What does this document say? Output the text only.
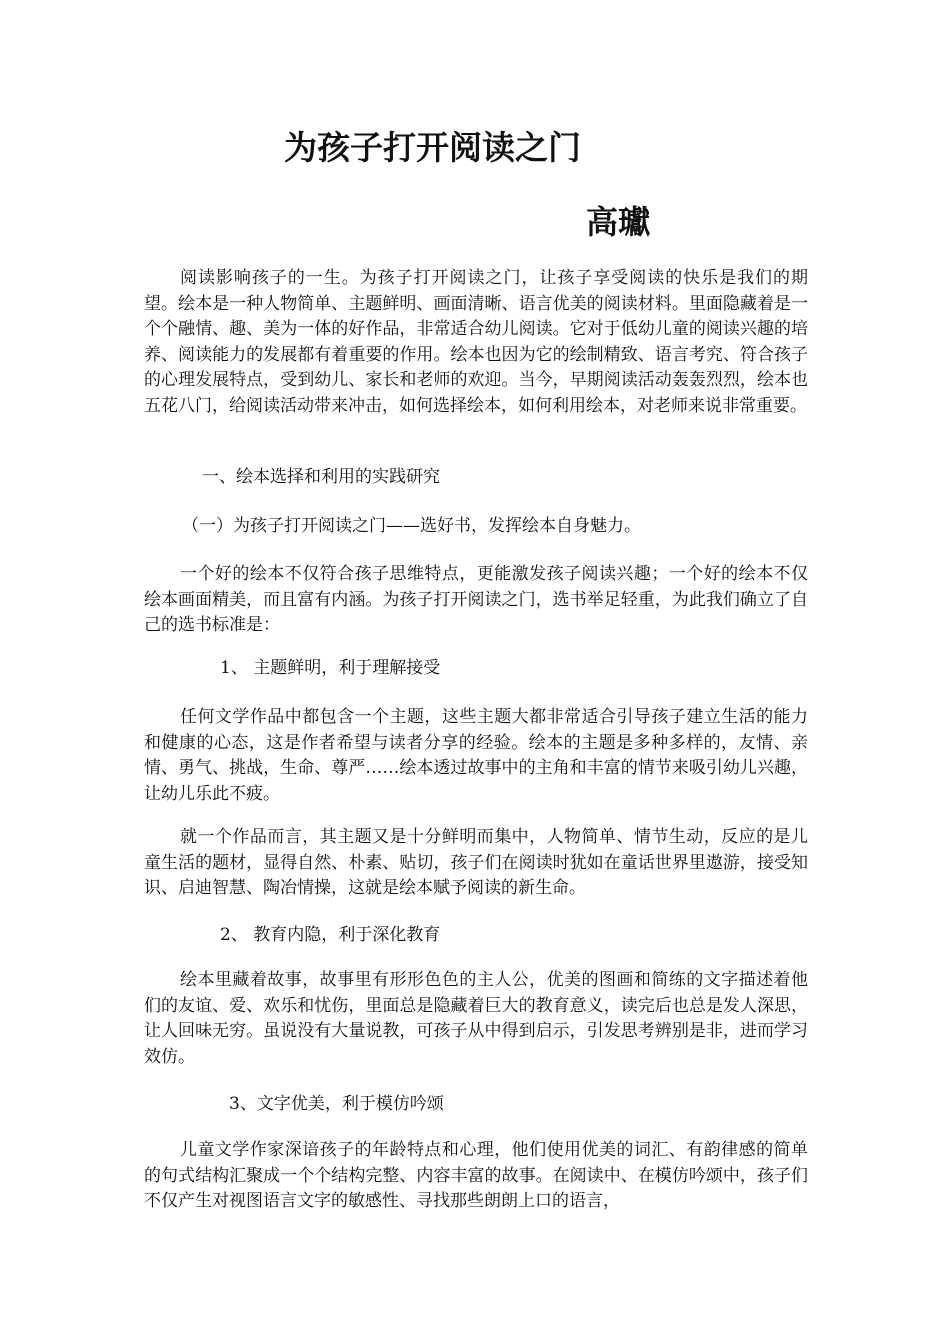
为孩子打开阅读之门
高瓛

阅读影响孩子的一生。为孩子打开阅读之门，让孩子享受阅读的快乐是我们的期望。绘本是一种人物简单、主题鲜明、画面清晰、语言优美的阅读材料。里面隐藏着是一个个融情、趣、美为一体的好作品，非常适合幼儿阅读。它对于低幼儿童的阅读兴趣的培养、阅读能力的发展都有着重要的作用。绘本也因为它的绘制精致、语言考究、符合孩子的心理发展特点，受到幼儿、家长和老师的欢迎。当今，早期阅读活动轰轰烈烈，绘本也五花八门，给阅读活动带来冲击，如何选择绘本，如何利用绘本，对老师来说非常重要。

一、绘本选择和利用的实践研究

（一）为孩子打开阅读之门——选好书，发挥绘本自身魅力。

一个好的绘本不仅符合孩子思维特点，更能激发孩子阅读兴趣；一个好的绘本不仅绘本画面精美，而且富有内涵。为孩子打开阅读之门，选书举足轻重，为此我们确立了自己的选书标准是：

1、 主题鲜明，利于理解接受

任何文学作品中都包含一个主题，这些主题大都非常适合引导孩子建立生活的能力和健康的心态，这是作者希望与读者分享的经验。绘本的主题是多种多样的，友情、亲情、勇气、挑战，生命、尊严……绘本透过故事中的主角和丰富的情节来吸引幼儿兴趣，让幼儿乐此不疲。

就一个作品而言，其主题又是十分鲜明而集中，人物简单、情节生动，反应的是儿童生活的题材，显得自然、朴素、贴切，孩子们在阅读时犹如在童话世界里遨游，接受知识、启迪智慧、陶冶情操，这就是绘本赋予阅读的新生命。

2、 教育内隐，利于深化教育

绘本里藏着故事，故事里有形形色色的主人公，优美的图画和简练的文字描述着他们的友谊、爱、欢乐和忧伤，里面总是隐藏着巨大的教育意义，读完后也总是发人深思，让人回味无穷。虽说没有大量说教，可孩子从中得到启示，引发思考辨别是非，进而学习效仿。

3、文字优美，利于模仿吟颂

儿童文学作家深谙孩子的年龄特点和心理，他们使用优美的词汇、有韵律感的简单的句式结构汇聚成一个个结构完整、内容丰富的故事。在阅读中、在模仿吟颂中，孩子们不仅产生对视图语言文字的敏感性、寻找那些朗朗上口的语言，
